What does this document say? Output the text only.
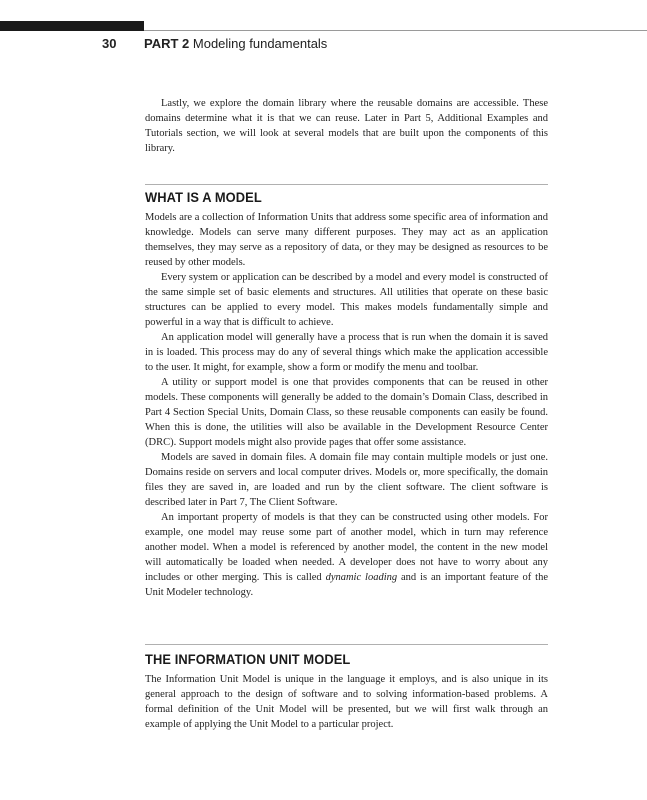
30 PART 2 Modeling fundamentals

Lastly, we explore the domain library where the reusable domains are accessible. These domains determine what it is that we can reuse. Later in Part 5, Additional Examples and Tutorials section, we will look at several models that are built upon the components of this library.

WHAT IS A MODEL

Models are a collection of Information Units that address some specific area of information and knowledge. Models can serve many different purposes. They may act as an application themselves, they may serve as a repository of data, or they may be designed as resources to be reused by other models.

Every system or application can be described by a model and every model is constructed of the same simple set of basic elements and structures. All utilities that operate on these basic structures can be applied to every model. This makes models fundamentally simple and powerful in a way that is difficult to achieve.

An application model will generally have a process that is run when the domain it is saved in is loaded. This process may do any of several things which make the application accessible to the user. It might, for example, show a form or modify the menu and toolbar.

A utility or support model is one that provides components that can be reused in other models. These components will generally be added to the domain’s Domain Class, described in Part 4 Section Special Units, Domain Class, so these reusable components can easily be found. When this is done, the utilities will also be available in the Development Resource Center (DRC). Support models might also provide pages that offer some assistance.

Models are saved in domain files. A domain file may contain multiple models or just one. Domains reside on servers and local computer drives. Models or, more specifically, the domain files they are saved in, are loaded and run by the client software. The client software is described later in Part 7, The Client Software.

An important property of models is that they can be constructed using other models. For example, one model may reuse some part of another model, which in turn may reference another model. When a model is referenced by another model, the content in the new model will automatically be loaded when needed. A developer does not have to worry about any includes or other merging. This is called dynamic loading and is an important feature of the Unit Modeler technology.

THE INFORMATION UNIT MODEL

The Information Unit Model is unique in the language it employs, and is also unique in its general approach to the design of software and to solving information-based problems. A formal definition of the Unit Model will be presented, but we will first walk through an example of applying the Unit Model to a particular project.
